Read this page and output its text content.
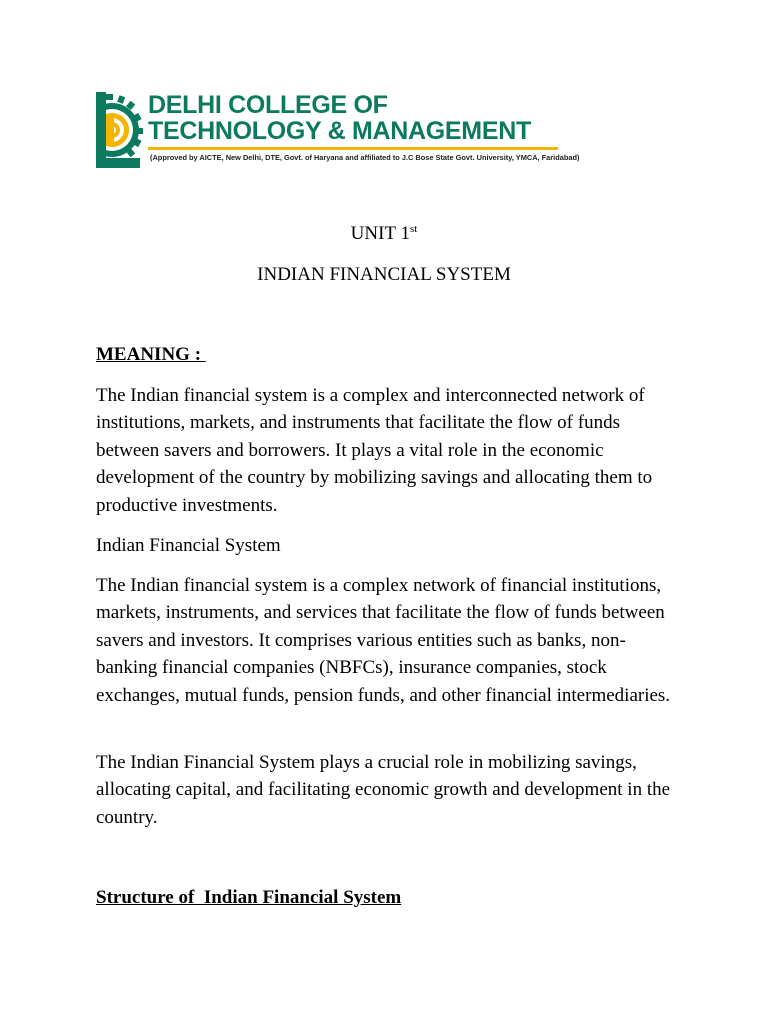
DELHI COLLEGE OF
TECHNOLOGY & MANAGEMENT
(Approved by AICTE, New Delhi, DTE, Govt. of Haryana and affiliated to J.C Bose State Govt. University, YMCA, Faridabad)
UNIT 1st
INDIAN FINANCIAL SYSTEM
MEANING :

The Indian financial system is a complex and interconnected network of institutions, markets, and instruments that facilitate the flow of funds between savers and borrowers. It plays a vital role in the economic development of the country by mobilizing savings and allocating them to productive investments.

Indian Financial System

The Indian financial system is a complex network of financial institutions, markets, instruments, and services that facilitate the flow of funds between savers and investors. It comprises various entities such as banks, non-banking financial companies (NBFCs), insurance companies, stock exchanges, mutual funds, pension funds, and other financial intermediaries.

The Indian Financial System plays a crucial role in mobilizing savings, allocating capital, and facilitating economic growth and development in the country.

Structure of  Indian Financial System
